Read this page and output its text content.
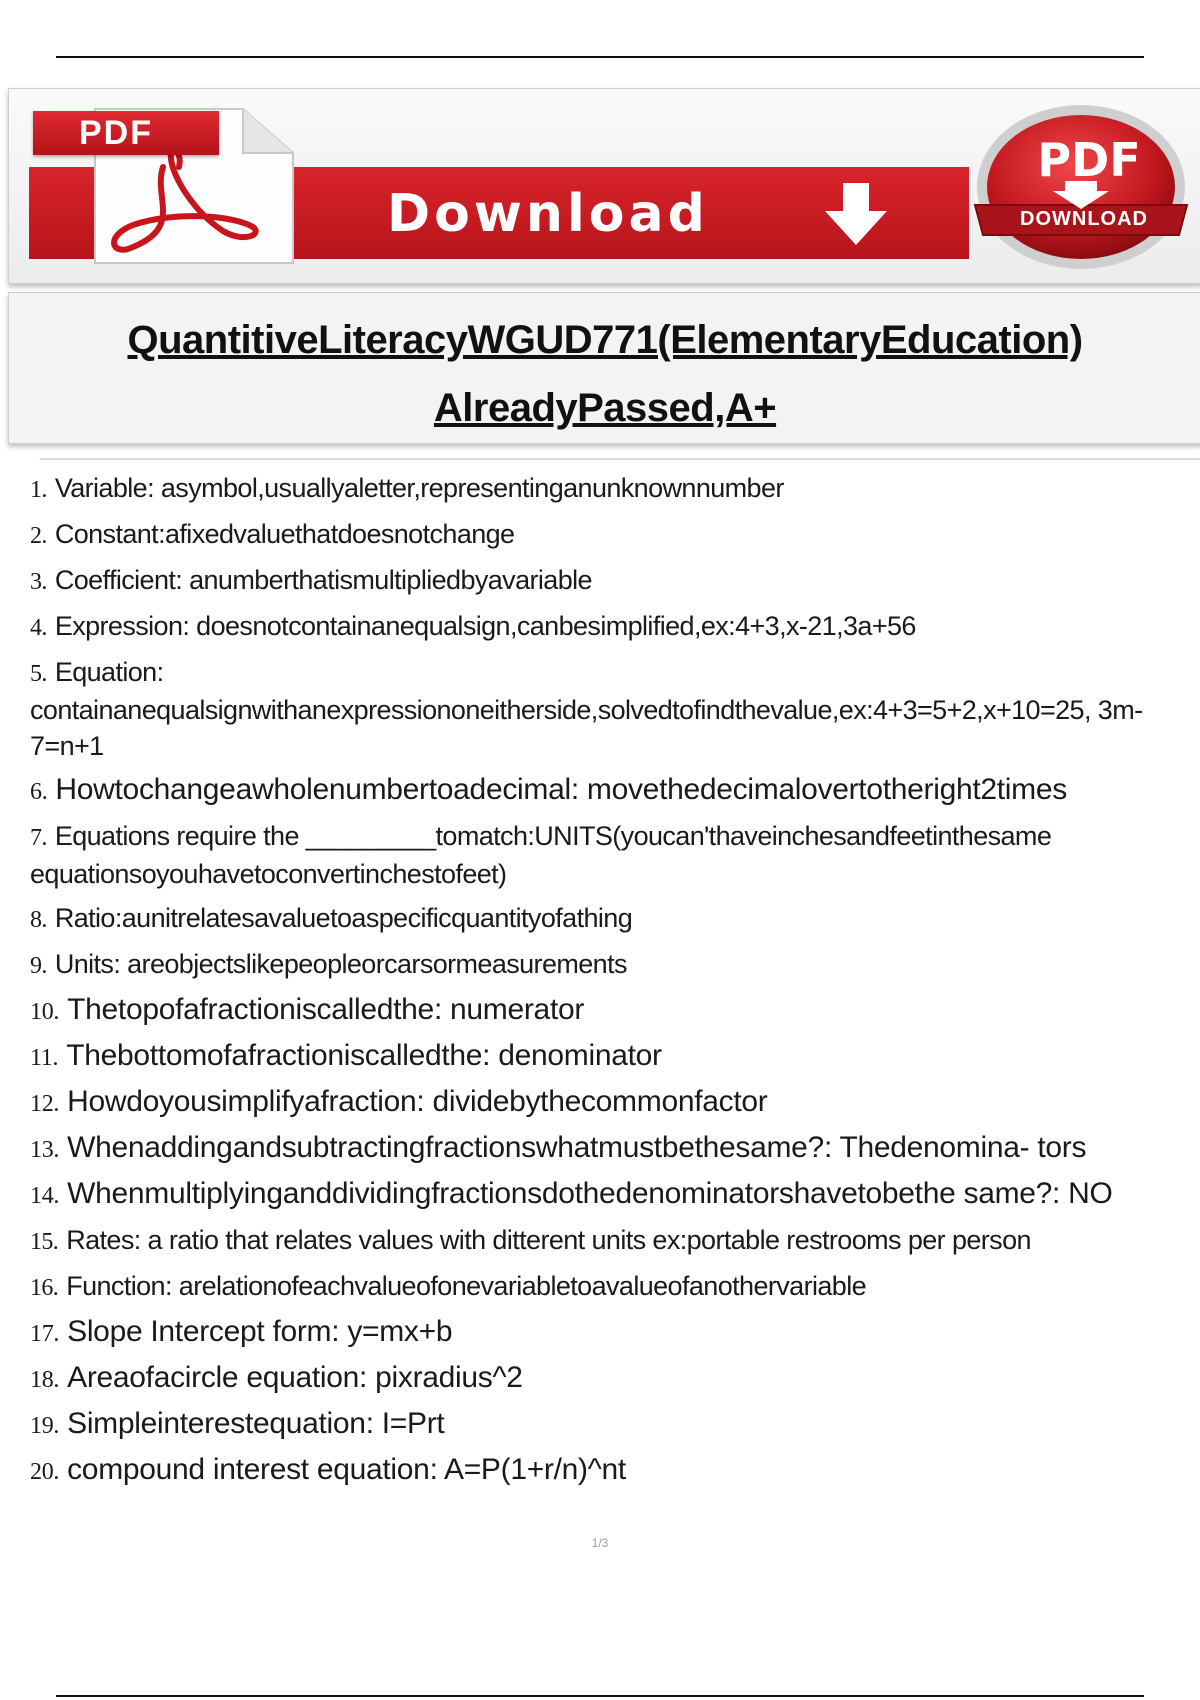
PDF
Download
PDF
DOWNLOAD
QuantitiveLiteracyWGUD771(ElementaryEducation)
AlreadyPassed,A+
1. Variable: asymbol,usuallyaletter,representinganunknownnumber
2. Constant:afixedvaluethatdoesnotchange
3. Coefficient: anumberthatismultipliedbyavariable
4. Expression: doesnotcontainanequalsign,canbesimplified,ex:4+3,x-21,3a+56
5. Equation: containanequalsignwithanexpressiononeitherside,solvedtofindthevalue,ex:4+3=5+2,x+10=25, 3m-7=n+1
6. Howtochangeawholenumbertoadecimal: movethedecimalovertotheright2times
7. Equations require the _________tomatch:UNITS(youcan'thaveinchesandfeetinthesame equationsoyouhavetoconvertinchestofeet)
8. Ratio:aunitrelatesavaluetoaspecificquantityofathing
9. Units: areobjectslikepeopleorcarsormeasurements
10. Thetopofafractioniscalledthe: numerator
11. Thebottomofafractioniscalledthe: denominator
12. Howdoyousimplifyafraction: dividebythecommonfactor
13. Whenaddingandsubtractingfractionswhatmustbethesame?: Thedenomina- tors
14. Whenmultiplyinganddividingfractionsdothedenominatorshavetobethe same?: NO
15. Rates: a ratio that relates values with ditterent units ex:portable restrooms per person
16. Function: arelationofeachvalueofonevariabletoavalueofanothervariable
17. Slope Intercept form: y=mx+b
18. Areaofacircle equation: pixradius^2
19. Simpleinterestequation: I=Prt
20. compound interest equation: A=P(1+r/n)^nt
1/3
